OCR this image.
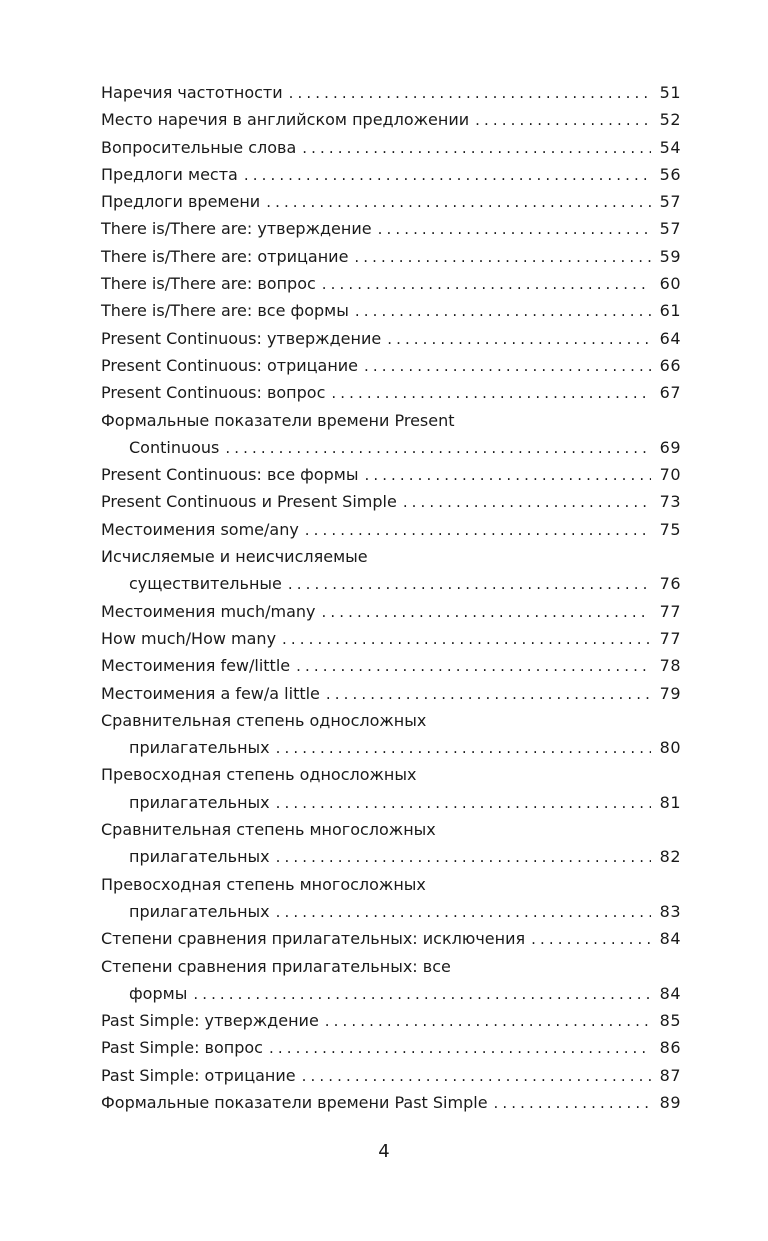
Наречия частотности .....	51
Место наречия в английском предложении .....	52
Вопросительные слова .....	54
Предлоги места .....	56
Предлоги времени .....	57
There is/There are: утверждение .....	57
There is/There are: отрицание .....	59
There is/There are: вопрос .....	60
There is/There are: все формы .....	61
Present Continuous: утверждение .....	64
Present Continuous: отрицание .....	66
Present Continuous: вопрос .....	67
Формальные показатели времени Present
Continuous .....	69
Present Continuous: все формы .....	70
Present Continuous и Present Simple .....	73
Местоимения some/any .....	75
Исчисляемые и неисчисляемые
существительные .....	76
Местоимения much/many .....	77
How much/How many .....	77
Местоимения few/little .....	78
Местоимения a few/a little .....	79
Сравнительная степень односложных
прилагательных .....	80
Превосходная степень односложных
прилагательных .....	81
Сравнительная степень многосложных
прилагательных .....	82
Превосходная степень многосложных
прилагательных .....	83
Степени сравнения прилагательных: исключения .....	84
Степени сравнения прилагательных: все
формы .....	84
Past Simple: утверждение .....	85
Past Simple: вопрос .....	86
Past Simple: отрицание .....	87
Формальные показатели времени Past Simple .....	89
4
